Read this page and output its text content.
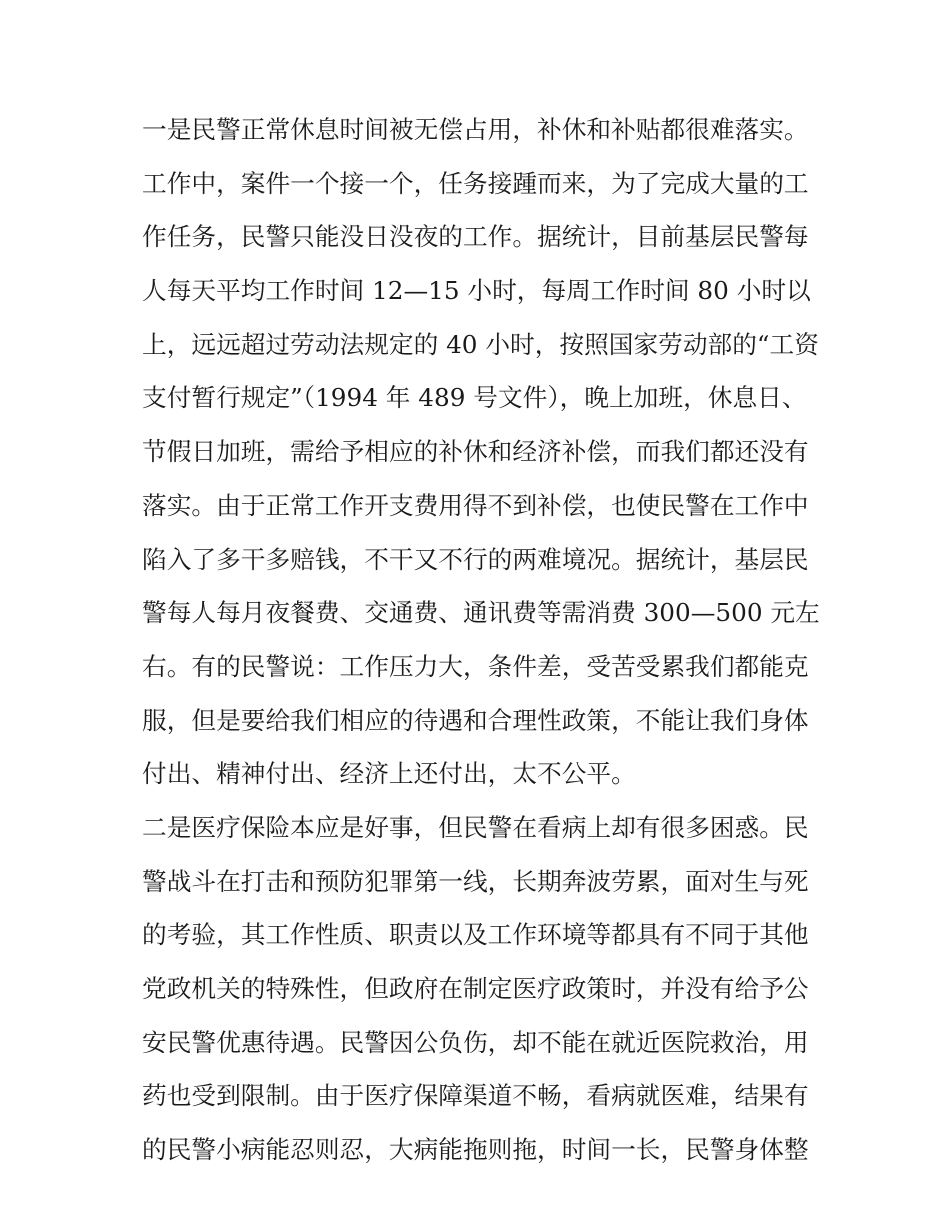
一是民警正常休息时间被无偿占用，补休和补贴都很难落实。
工作中，案件一个接一个，任务接踵而来，为了完成大量的工
作任务，民警只能没日没夜的工作。据统计，目前基层民警每
人每天平均工作时间 12—15 小时，每周工作时间 80 小时以
上，远远超过劳动法规定的 40 小时，按照国家劳动部的“工资
支付暂行规定”（1994 年 489 号文件），晚上加班，休息日、
节假日加班，需给予相应的补休和经济补偿，而我们都还没有
落实。由于正常工作开支费用得不到补偿，也使民警在工作中
陷入了多干多赔钱，不干又不行的两难境况。据统计，基层民
警每人每月夜餐费、交通费、通讯费等需消费 300—500 元左
右。有的民警说：工作压力大，条件差，受苦受累我们都能克
服，但是要给我们相应的待遇和合理性政策，不能让我们身体
付出、精神付出、经济上还付出，太不公平。
二是医疗保险本应是好事，但民警在看病上却有很多困惑。民
警战斗在打击和预防犯罪第一线，长期奔波劳累，面对生与死
的考验，其工作性质、职责以及工作环境等都具有不同于其他
党政机关的特殊性，但政府在制定医疗政策时，并没有给予公
安民警优惠待遇。民警因公负伤，却不能在就近医院救治，用
药也受到限制。由于医疗保障渠道不畅，看病就医难，结果有
的民警小病能忍则忍，大病能拖则拖，时间一长，民警身体整
